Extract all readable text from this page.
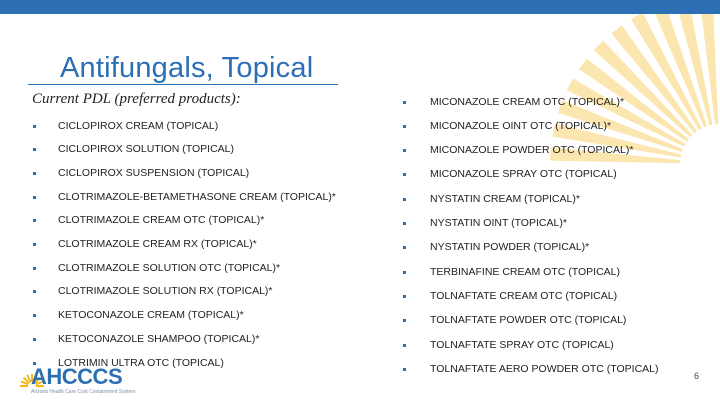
Antifungals, Topical
Current PDL (preferred products):
CICLOPIROX CREAM (TOPICAL)
CICLOPIROX SOLUTION (TOPICAL)
CICLOPIROX SUSPENSION (TOPICAL)
CLOTRIMAZOLE-BETAMETHASONE CREAM (TOPICAL)*
CLOTRIMAZOLE CREAM OTC (TOPICAL)*
CLOTRIMAZOLE CREAM RX (TOPICAL)*
CLOTRIMAZOLE SOLUTION OTC (TOPICAL)*
CLOTRIMAZOLE SOLUTION RX (TOPICAL)*
KETOCONAZOLE CREAM (TOPICAL)*
KETOCONAZOLE SHAMPOO (TOPICAL)*
LOTRIMIN ULTRA OTC (TOPICAL)
MICONAZOLE CREAM OTC (TOPICAL)*
MICONAZOLE OINT OTC (TOPICAL)*
MICONAZOLE POWDER OTC (TOPICAL)*
MICONAZOLE SPRAY OTC (TOPICAL)
NYSTATIN CREAM (TOPICAL)*
NYSTATIN OINT (TOPICAL)*
NYSTATIN POWDER (TOPICAL)*
TERBINAFINE CREAM OTC (TOPICAL)
TOLNAFTATE CREAM OTC (TOPICAL)
TOLNAFTATE POWDER OTC (TOPICAL)
TOLNAFTATE SPRAY OTC (TOPICAL)
TOLNAFTATE AERO POWDER OTC (TOPICAL)
AHCCCS
Arizona Health Care Cost Containment System
6
